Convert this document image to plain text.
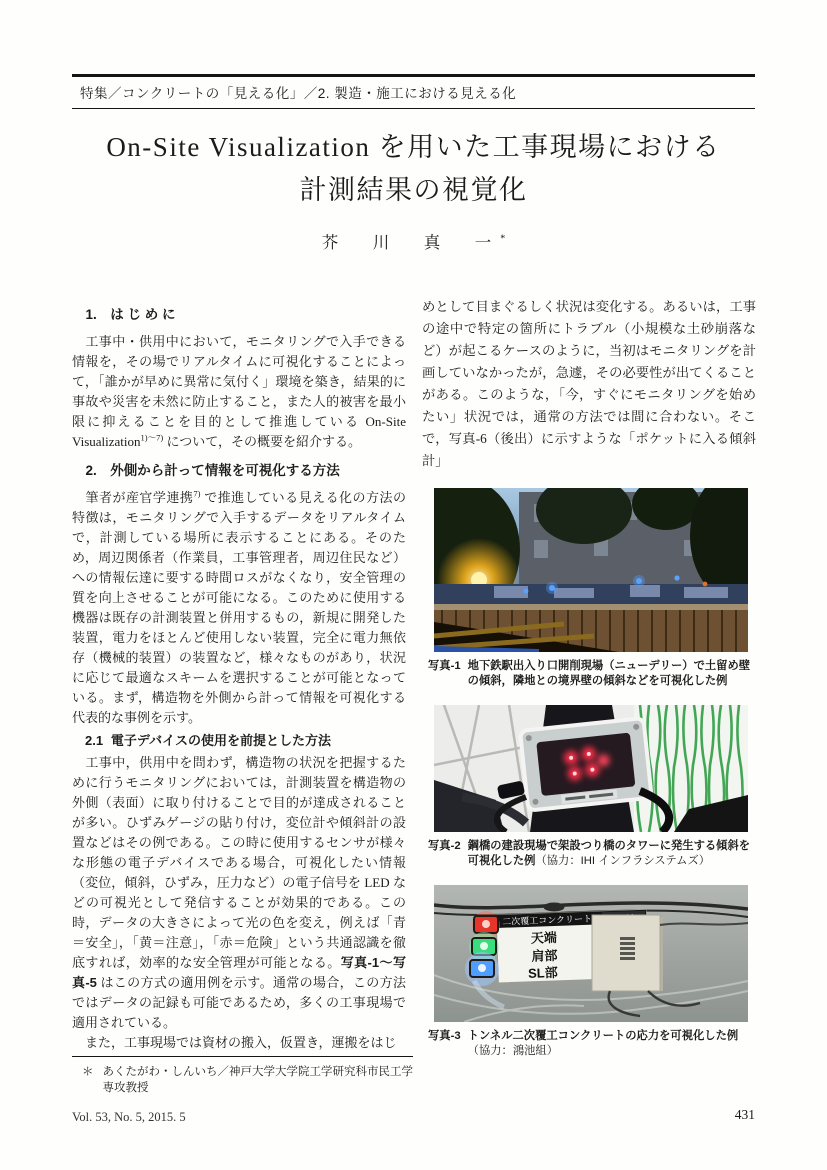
特集／コンクリートの「見える化」／2. 製造・施工における見える化
On-Site Visualization を用いた工事現場における
計測結果の視覚化
芥　川　真　一*
1. は じ め に

　工事中・供用中において，モニタリングで入手できる情報を，その場でリアルタイムに可視化することによって，「誰かが早めに異常に気付く」環境を築き，結果的に事故や災害を未然に防止すること，また人的被害を最小限に抑えることを目的として推進している On-Site Visualization$^{1)\sim 7)}$ について，その概要を紹介する。

2. 外側から計って情報を可視化する方法

　筆者が産官学連携$^{7)}$ で推進している見える化の方法の特徴は，モニタリングで入手するデータをリアルタイムで，計測している場所に表示することにある。そのため，周辺関係者（作業員，工事管理者，周辺住民など）への情報伝達に要する時間ロスがなくなり，安全管理の質を向上させることが可能になる。このために使用する機器は既存の計測装置と併用するもの，新規に開発した装置，電力をほとんど使用しない装置，完全に電力無依存（機械的装置）の装置など，様々なものがあり，状況に応じて最適なスキームを選択することが可能となっている。まず，構造物を外側から計って情報を可視化する代表的な事例を示す。

2.1 電子デバイスの使用を前提とした方法

　工事中，供用中を問わず，構造物の状況を把握するために行うモニタリングにおいては，計測装置を構造物の外側（表面）に取り付けることで目的が達成されることが多い。ひずみゲージの貼り付け，変位計や傾斜計の設置などはその例である。この時に使用するセンサが様々な形態の電子デバイスである場合，可視化したい情報（変位，傾斜，ひずみ，圧力など）の電子信号を LED などの可視光として発信することが効果的である。この時，データの大きさによって光の色を変え，例えば「青＝安全」，「黄＝注意」，「赤＝危険」という共通認識を徹底すれば，効率的な安全管理が可能となる。写真-1～写真-5 はこの方式の適用例を示す。通常の場合，この方法ではデータの記録も可能であるため，多くの工事現場で適用されている。

　また，工事現場では資材の搬入，仮置き，運搬をはじ

めとして目まぐるしく状況は変化する。あるいは，工事の途中で特定の箇所にトラブル（小規模な土砂崩落など）が起こるケースのように，当初はモニタリングを計画していなかったが，急遽，その必要性が出てくることがある。このような，「今，すぐにモニタリングを始めたい」状況では，通常の方法では間に合わない。そこで，写真-6（後出）に示すような「ポケットに入る傾斜計」

写真-1 地下鉄駅出入り口開削現場（ニューデリー）で土留め壁の傾斜，隣地との境界壁の傾斜などを可視化した例
写真-2 鋼橋の建設現場で架設つり橋のタワーに発生する傾斜を可視化した例（協力：IHI インフラシステムズ）
二次覆工コンクリート
天端
肩部
SL部
写真-3 トンネル二次覆工コンクリートの応力を可視化した例
（協力：鴻池組）
＊ あくたがわ・しんいち／神戸大学大学院工学研究科市民工学専攻教授
Vol. 53, No. 5, 2015. 5	431
